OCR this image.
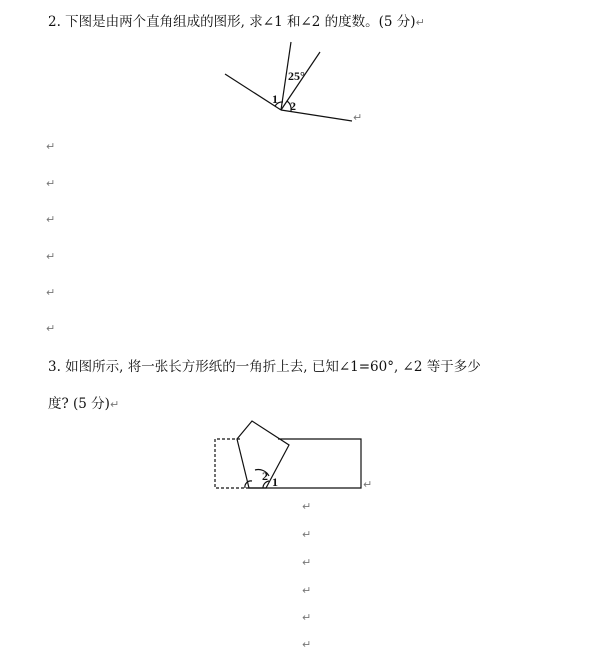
2. 下图是由两个直角组成的图形, 求∠1 和∠2 的度数。(5 分)↵
25°
1 2
↵
↵
↵
↵
↵
↵
↵
3. 如图所示, 将一张长方形纸的一角折上去, 已知∠1=60°, ∠2 等于多少
度? (5 分)↵
2 1	↵
↵
↵
↵
↵
↵
↵
